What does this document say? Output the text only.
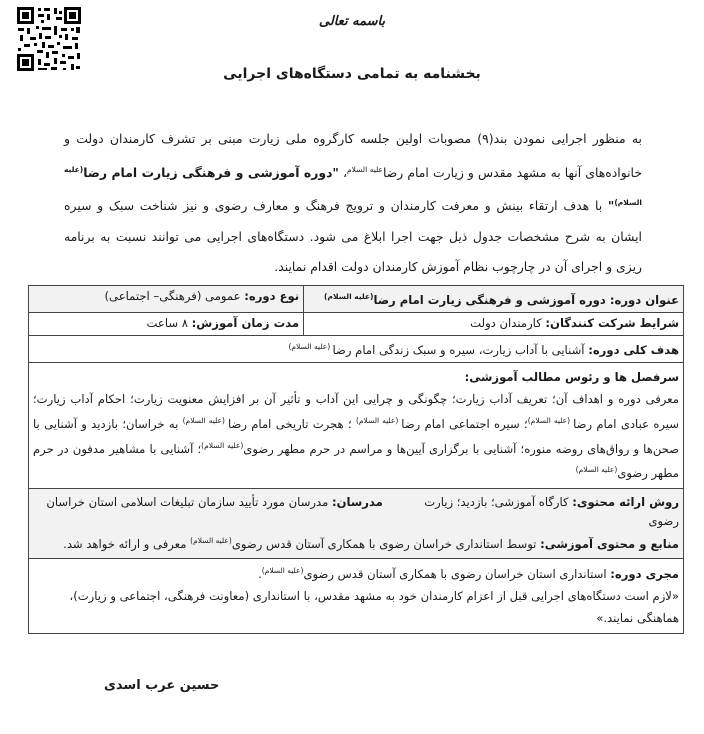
باسمه تعالی
بخشنامه به تمامی دستگاه‌های اجرایی
به منظور اجرایی نمودن بند(۹) مصوبات اولین جلسه کارگروه ملی زیارت مبنی بر تشرف کارمندان دولت و خانواده‌های آنها به مشهد مقدس و زیارت امام رضا$^{علیه السلام}$، "دوره آموزشی و فرهنگی زیارت امام رضا$^{(علیه السلام)}$" با هدف ارتقاء بینش و معرفت کارمندان و ترویج فرهنگ و معارف رضوی و نیز شناخت سبک و سیره ایشان به شرح مشخصات جدول ذیل جهت اجرا ابلاغ می شود. دستگاه‌های اجرایی می توانند نسبت به برنامه ریزی و اجرای آن در چارچوب نظام آموزش کارمندان دولت اقدام نمایند.
عنوان دوره: دوره آموزشی و فرهنگی زیارت امام رضا$^{(علیه السلام)}$	نوع دوره: عمومی (فرهنگی– اجتماعی)
شرایط شرکت کنندگان: کارمندان دولت	مدت زمان آموزش: ۸ ساعت
هدف کلی دوره: آشنایی با آداب زیارت، سیره و سبک زندگی امام رضا $^{(علیه السلام)}$

سرفصل ها و رئوس مطالب آموزشی:
معرفی دوره و اهداف آن؛ تعریف آداب زیارت؛ چگونگی و چرایی این آداب و تأثیر آن بر افزایش معنویت زیارت؛ احکام آداب زیارت؛ سیره عبادی امام رضا $^{(علیه السلام)}$؛ سیره اجتماعی امام رضا $^{(علیه السلام)}$ ؛ هجرت تاریخی امام رضا $^{(علیه السلام)}$ به خراسان؛ بازدید و آشنایی با صحن‌ها و رواق‌های روضه منوره؛ آشنایی با برگزاری آیین‌ها و مراسم در حرم مطهر رضوی$^{(علیه السلام)}$؛ آشنایی با مشاهیر مدفون در حرم مطهر رضوی$^{(علیه السلام)}$

روش ارائه محتوی: کارگاه آموزشی؛ بازدید؛ زیارت  مدرسان: مدرسان مورد تأیید سازمان تبلیغات اسلامی استان خراسان رضوی
منابع و محتوی آموزشی: توسط استانداری خراسان رضوی با همکاری آستان قدس رضوی$^{(علیه السلام)}$ معرفی و ارائه خواهد شد.	

مجری دوره: استانداری استان خراسان رضوی با همکاری آستان قدس رضوی$^{(علیه السلام)}$.
«لازم است دستگاه‌های اجرایی قبل از اعزام کارمندان خود به مشهد مقدس، با استانداری (معاونت فرهنگی، اجتماعی و زیارت)، هماهنگی نمایند.»	
حسین عرب اسدی
